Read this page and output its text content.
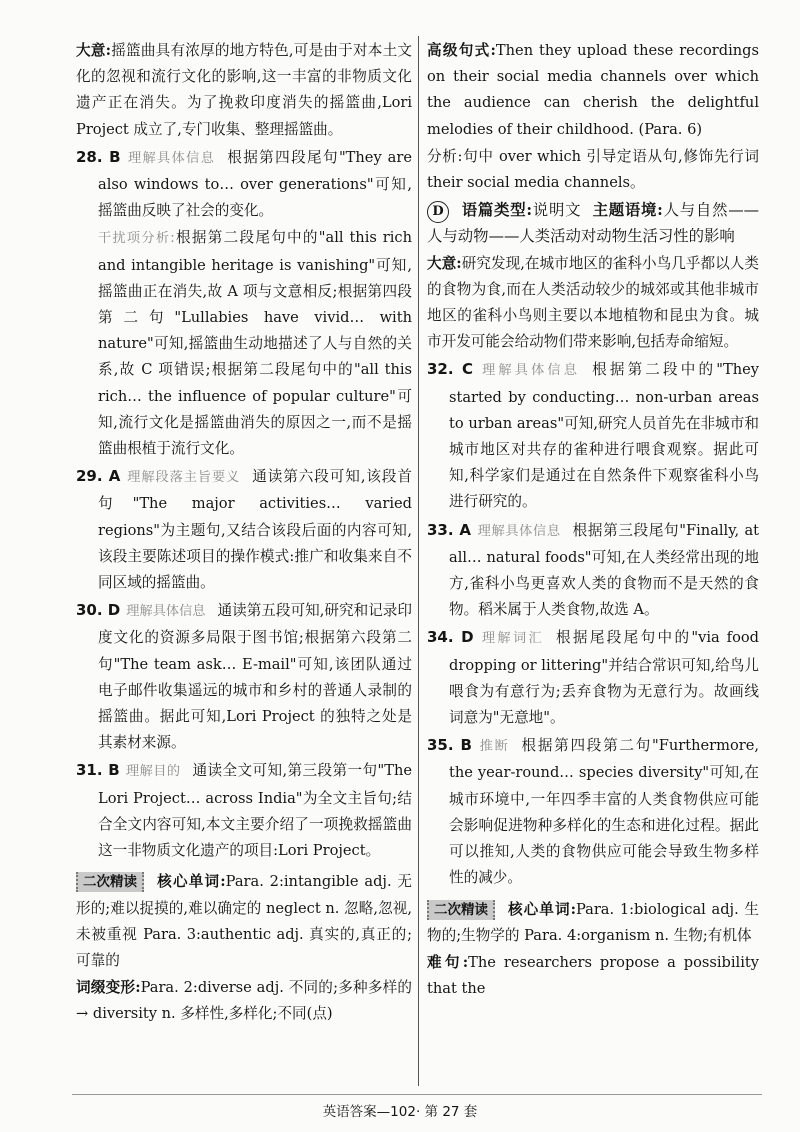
大意:摇篮曲具有浓厚的地方特色,可是由于对本土文化的忽视和流行文化的影响,这一丰富的非物质文化遗产正在消失。为了挽救印度消失的摇篮曲,Lori Project 成立了,专门收集、整理摇篮曲。

28. B 理解具体信息 根据第四段尾句"They are also windows to… over generations"可知,摇篮曲反映了社会的变化。
干扰项分析:根据第二段尾句中的"all this rich and intangible heritage is vanishing"可知,摇篮曲正在消失,故 A 项与文意相反;根据第四段第二句"Lullabies have vivid… with nature"可知,摇篮曲生动地描述了人与自然的关系,故 C 项错误;根据第二段尾句中的"all this rich… the influence of popular culture"可知,流行文化是摇篮曲消失的原因之一,而不是摇篮曲根植于流行文化。
29. A 理解段落主旨要义 通读第六段可知,该段首句"The major activities… varied regions"为主题句,又结合该段后面的内容可知,该段主要陈述项目的操作模式:推广和收集来自不同区域的摇篮曲。
30. D 理解具体信息 通读第五段可知,研究和记录印度文化的资源多局限于图书馆;根据第六段第二句"The team ask… E-mail"可知,该团队通过电子邮件收集遥远的城市和乡村的普通人录制的摇篮曲。据此可知,Lori Project 的独特之处是其素材来源。
31. B 理解目的 通读全文可知,第三段第一句"The Lori Project… across India"为全文主旨句;结合全文内容可知,本文主要介绍了一项挽救摇篮曲这一非物质文化遗产的项目:Lori Project。

二次精读 核心单词:Para. 2:intangible adj. 无形的;难以捉摸的,难以确定的 neglect n. 忽略,忽视,未被重视 Para. 3:authentic adj. 真实的,真正的;可靠的

词缀变形:Para. 2:diverse adj. 不同的;多种多样的→ diversity n. 多样性,多样化;不同(点)

高级句式:Then they upload these recordings on their social media channels over which the audience can cherish the delightful melodies of their childhood. (Para. 6)

分析:句中 over which 引导定语从句,修饰先行词 their social media channels。

D 语篇类型:说明文 主题语境:人与自然——人与动物——人类活动对动物生活习性的影响

大意:研究发现,在城市地区的雀科小鸟几乎都以人类的食物为食,而在人类活动较少的城郊或其他非城市地区的雀科小鸟则主要以本地植物和昆虫为食。城市开发可能会给动物们带来影响,包括寿命缩短。

32. C 理解具体信息 根据第二段中的"They started by conducting… non-urban areas to urban areas"可知,研究人员首先在非城市和城市地区对共存的雀种进行喂食观察。据此可知,科学家们是通过在自然条件下观察雀科小鸟进行研究的。
33. A 理解具体信息 根据第三段尾句"Finally, at all… natural foods"可知,在人类经常出现的地方,雀科小鸟更喜欢人类的食物而不是天然的食物。稻米属于人类食物,故选 A。
34. D 理解词汇 根据尾段尾句中的"via food dropping or littering"并结合常识可知,给鸟儿喂食为有意行为;丢弃食物为无意行为。故画线词意为"无意地"。
35. B 推断 根据第四段第二句"Furthermore, the year-round… species diversity"可知,在城市环境中,一年四季丰富的人类食物供应可能会影响促进物种多样化的生态和进化过程。据此可以推知,人类的食物供应可能会导致生物多样性的减少。

二次精读 核心单词:Para. 1:biological adj. 生物的;生物学的 Para. 4:organism n. 生物;有机体

难句:The researchers propose a possibility that the

英语答案—102· 第 27 套
